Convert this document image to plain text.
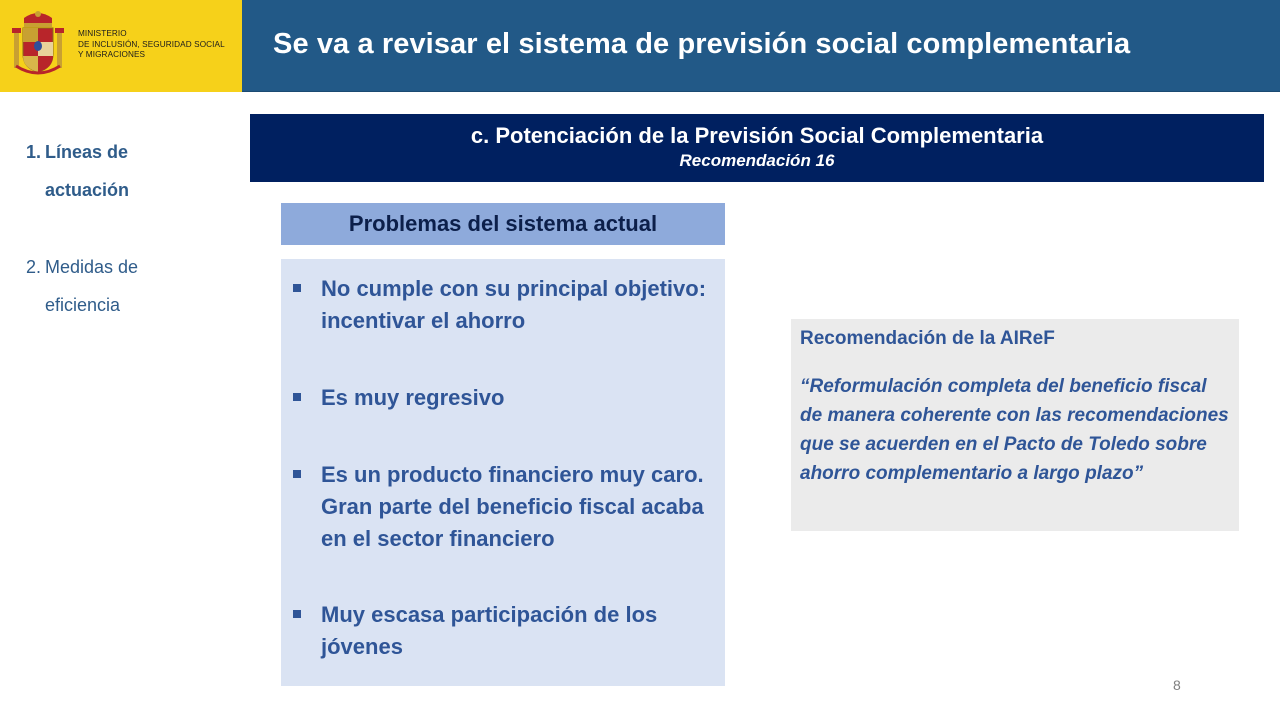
MINISTERIO
DE INCLUSIÓN, SEGURIDAD SOCIAL
Y MIGRACIONES	Se va a revisar el sistema de previsión social complementaria
1. Líneas de
actuación
2. Medidas de
eficiencia
c. Potenciación de la Previsión Social Complementaria
Recomendación 16
Problemas del sistema actual
No cumple con su principal objetivo: incentivar el ahorro
Es muy regresivo
Es un producto financiero muy caro. Gran parte del beneficio fiscal acaba en el sector financiero
Muy escasa participación de los jóvenes
Recomendación de la AIReF
“Reformulación completa del beneficio fiscal de manera coherente con las recomendaciones que se acuerden en el Pacto de Toledo sobre ahorro complementario a largo plazo”
8
